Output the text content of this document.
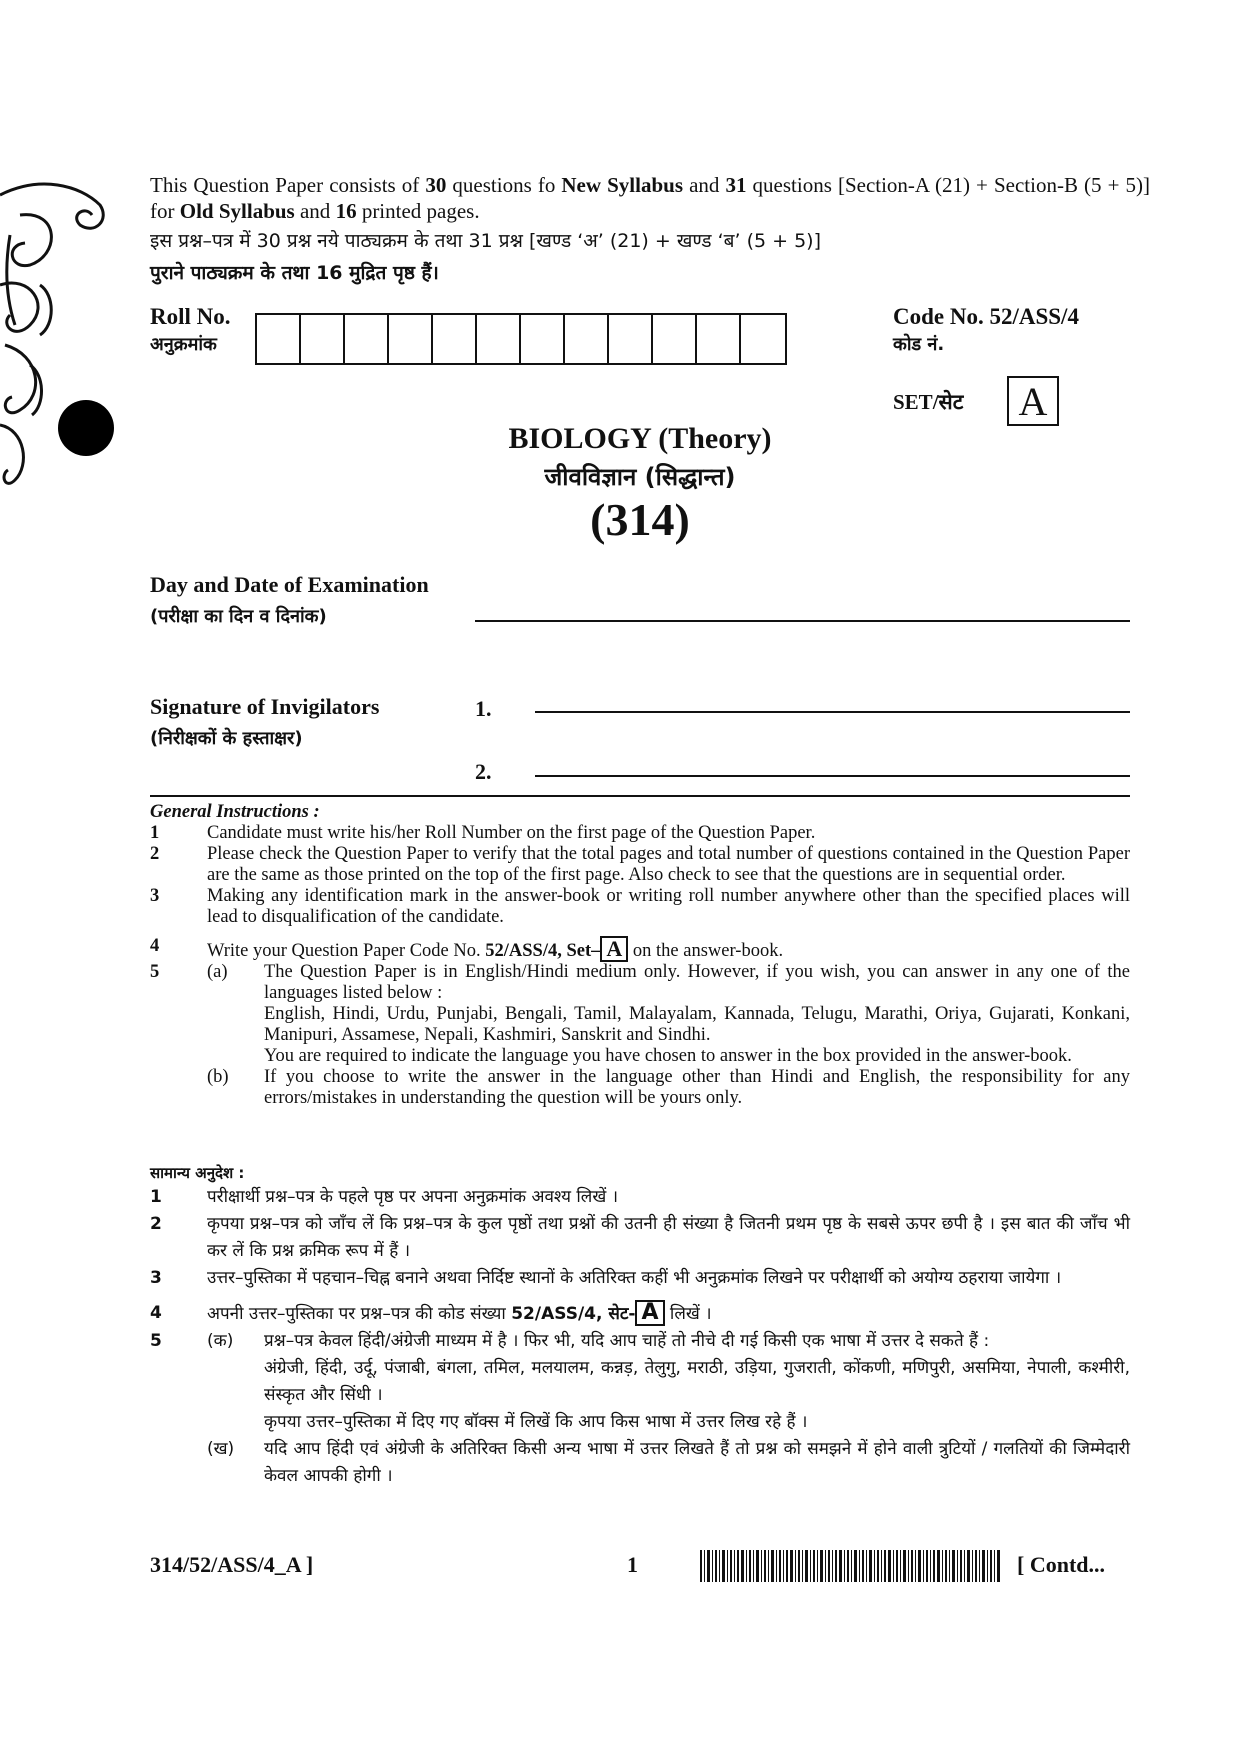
This Question Paper consists of 30 questions fo New Syllabus and 31 questions [Section-A (21) + Section-B (5 + 5)] for Old Syllabus and 16 printed pages.

इस प्रश्न–पत्र में 30 प्रश्न नये पाठ्यक्रम के तथा 31 प्रश्न [खण्ड ‘अ’ (21) + खण्ड ‘ब’ (5 + 5)]

पुराने पाठ्यक्रम के तथा 16 मुद्रित पृष्ठ हैं।

Roll No.
अनुक्रमांक
Code No. 52/ASS/4
कोड नं.
SET/सेट A
BIOLOGY (Theory)
जीवविज्ञान (सिद्धान्त)
(314)
Day and Date of Examination
(परीक्षा का दिन व दिनांक)
Signature of Invigilators
(निरीक्षकों के हस्ताक्षर)
1.
2.
General Instructions :
1	Candidate must write his/her Roll Number on the first page of the Question Paper.
2	Please check the Question Paper to verify that the total pages and total number of questions contained in the Question Paper are the same as those printed on the top of the first page. Also check to see that the questions are in sequential order.
3	Making any identification mark in the answer-book or writing roll number anywhere other than the specified places will lead to disqualification of the candidate.
4	Write your Question Paper Code No. 52/ASS/4, Set– A on the answer-book.
5	(a)	The Question Paper is in English/Hindi medium only. However, if you wish, you can answer in any one of the languages listed below :
English, Hindi, Urdu, Punjabi, Bengali, Tamil, Malayalam, Kannada, Telugu, Marathi, Oriya, Gujarati, Konkani, Manipuri, Assamese, Nepali, Kashmiri, Sanskrit and Sindhi.
You are required to indicate the language you have chosen to answer in the box provided in the answer-book.
(b)	If you choose to write the answer in the language other than Hindi and English, the responsibility for any errors/mistakes in understanding the question will be yours only.
सामान्य अनुदेश :
1	परीक्षार्थी प्रश्न–पत्र के पहले पृष्ठ पर अपना अनुक्रमांक अवश्य लिखें ।
2	कृपया प्रश्न–पत्र को जाँच लें कि प्रश्न–पत्र के कुल पृष्ठों तथा प्रश्नों की उतनी ही संख्या है जितनी प्रथम पृष्ठ के सबसे ऊपर छपी है । इस बात की जाँच भी कर लें कि प्रश्न क्रमिक रूप में हैं ।
3	उत्तर–पुस्तिका में पहचान–चिह्न बनाने अथवा निर्दिष्ट स्थानों के अतिरिक्त कहीं भी अनुक्रमांक लिखने पर परीक्षार्थी को अयोग्य ठहराया जायेगा ।
4	अपनी उत्तर–पुस्तिका पर प्रश्न–पत्र की कोड संख्या 52/ASS/4, सेट- A लिखें ।
5	(क)	प्रश्न–पत्र केवल हिंदी/अंग्रेजी माध्यम में है । फिर भी, यदि आप चाहें तो नीचे दी गई किसी एक भाषा में उत्तर दे सकते हैं :
अंग्रेजी, हिंदी, उर्दू, पंजाबी, बंगला, तमिल, मलयालम, कन्नड़, तेलुगु, मराठी, उड़िया, गुजराती, कोंकणी, मणिपुरी, असमिया, नेपाली, कश्मीरी, संस्कृत और सिंधी ।
कृपया उत्तर–पुस्तिका में दिए गए बॉक्स में लिखें कि आप किस भाषा में उत्तर लिख रहे हैं ।
(ख)	यदि आप हिंदी एवं अंग्रेजी के अतिरिक्त किसी अन्य भाषा में उत्तर लिखते हैं तो प्रश्न को समझने में होने वाली त्रुटियों / गलतियों की जिम्मेदारी केवल आपकी होगी ।
314/52/ASS/4_A ]	1	[ Contd...
